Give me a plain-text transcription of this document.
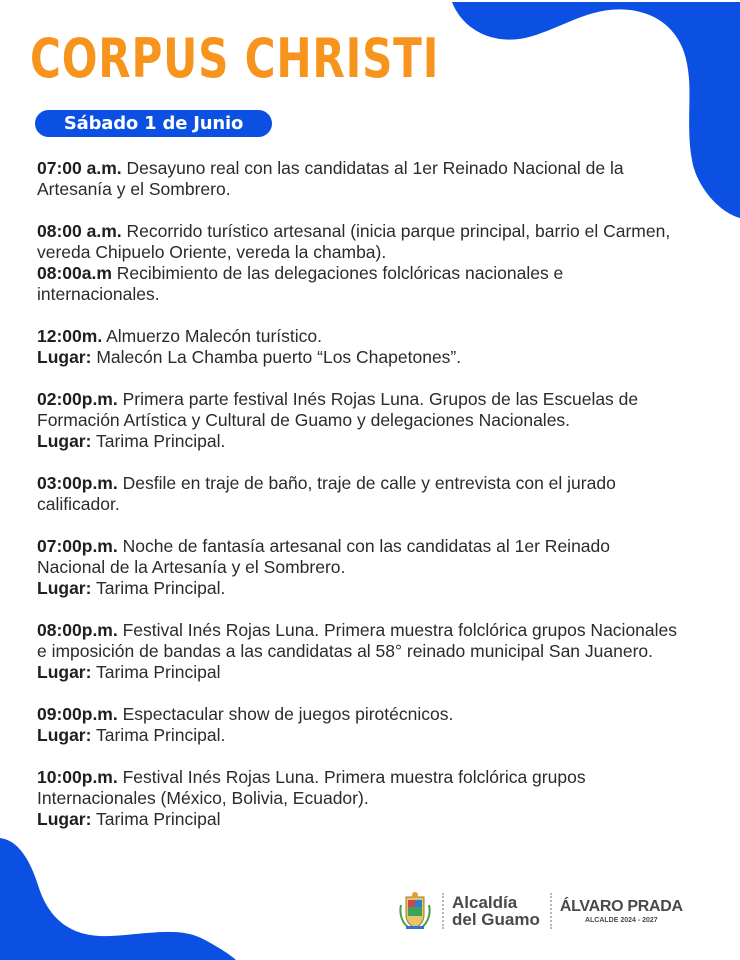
CORPUS CHRISTI
Sábado 1 de Junio

07:00 a.m. Desayuno real con las candidatas al 1er Reinado Nacional de la Artesanía y el Sombrero.

08:00 a.m. Recorrido turístico artesanal (inicia parque principal, barrio el Carmen, vereda Chipuelo Oriente, vereda la chamba).

08:00a.m Recibimiento de las delegaciones folclóricas nacionales e internacionales.

12:00m. Almuerzo Malecón turístico.

Lugar: Malecón La Chamba puerto “Los Chapetones”.

02:00p.m. Primera parte festival Inés Rojas Luna. Grupos de las Escuelas de Formación Artística y Cultural de Guamo y delegaciones Nacionales.

Lugar: Tarima Principal.

03:00p.m. Desfile en traje de baño, traje de calle y entrevista con el jurado calificador.

07:00p.m. Noche de fantasía artesanal con las candidatas al 1er Reinado Nacional de la Artesanía y el Sombrero.

Lugar: Tarima Principal.

08:00p.m. Festival Inés Rojas Luna. Primera muestra folclórica grupos Nacionales e imposición de bandas a las candidatas al 58° reinado municipal San Juanero.

Lugar: Tarima Principal

09:00p.m. Espectacular show de juegos pirotécnicos.

Lugar: Tarima Principal.

10:00p.m. Festival Inés Rojas Luna. Primera muestra folclórica grupos Internacionales (México, Bolivia, Ecuador).

Lugar: Tarima Principal

Alcaldía
del Guamo
ÁLVARO PRADA
ALCALDE 2024 - 2027
